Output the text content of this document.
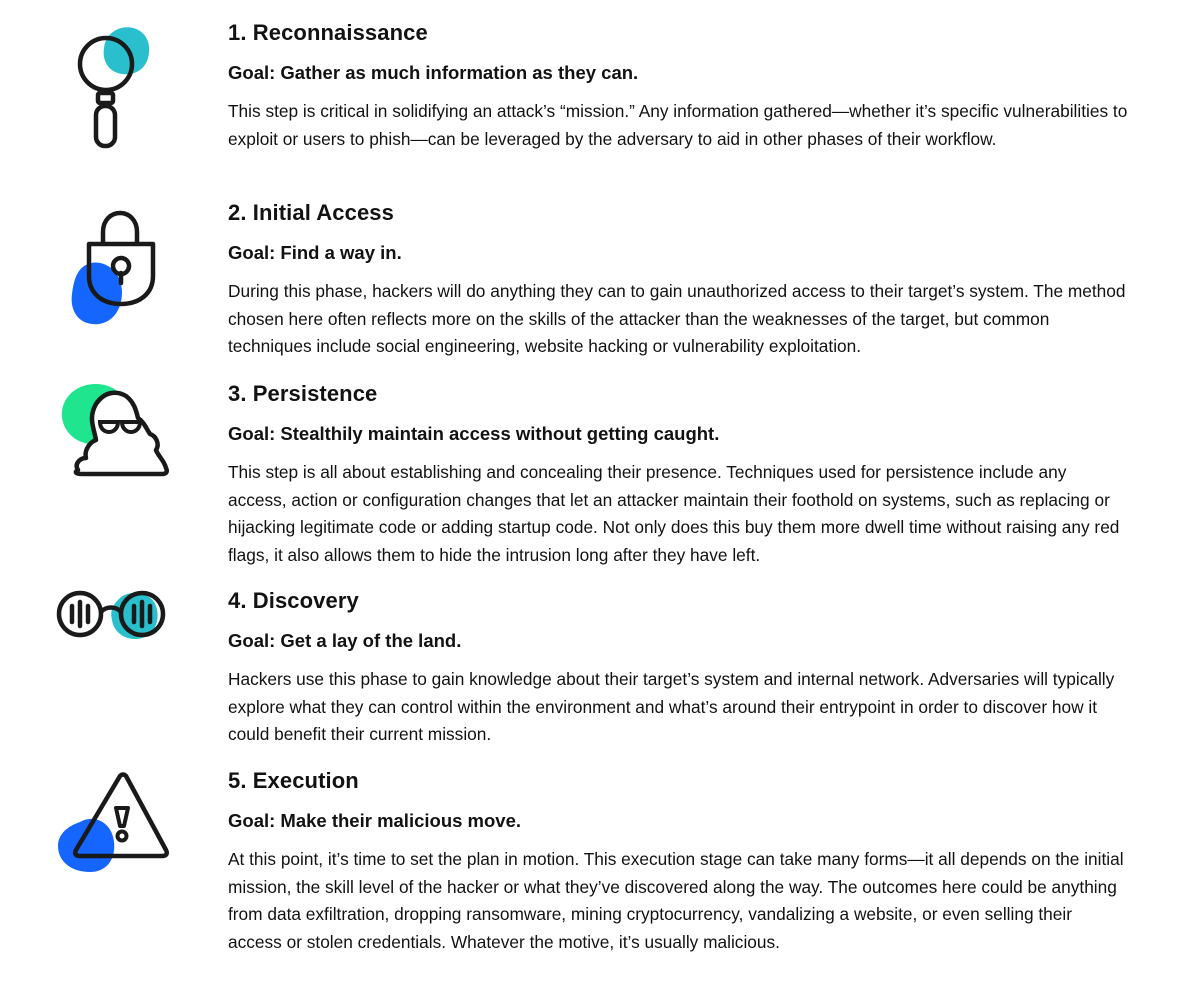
1. Reconnaissance

Goal: Gather as much information as they can.

This step is critical in solidifying an attack’s “mission.” Any information gathered—whether it’s specific vulnerabilities to exploit or users to phish—can be leveraged by the adversary to aid in other phases of their workflow.

2. Initial Access

Goal: Find a way in.

During this phase, hackers will do anything they can to gain unauthorized access to their target’s system. The method chosen here often reflects more on the skills of the attacker than the weaknesses of the target, but common techniques include social engineering, website hacking or vulnerability exploitation.

3. Persistence

Goal: Stealthily maintain access without getting caught.

This step is all about establishing and concealing their presence. Techniques used for persistence include any access, action or configuration changes that let an attacker maintain their foothold on systems, such as replacing or hijacking legitimate code or adding startup code. Not only does this buy them more dwell time without raising any red flags, it also allows them to hide the intrusion long after they have left.

4. Discovery

Goal: Get a lay of the land.

Hackers use this phase to gain knowledge about their target’s system and internal network. Adversaries will typically explore what they can control within the environment and what’s around their entrypoint in order to discover how it could benefit their current mission.

5. Execution

Goal: Make their malicious move.

At this point, it’s time to set the plan in motion. This execution stage can take many forms—it all depends on the initial mission, the skill level of the hacker or what they’ve discovered along the way. The outcomes here could be anything from data exfiltration, dropping ransomware, mining cryptocurrency, vandalizing a website, or even selling their access or stolen credentials. Whatever the motive, it’s usually malicious.
